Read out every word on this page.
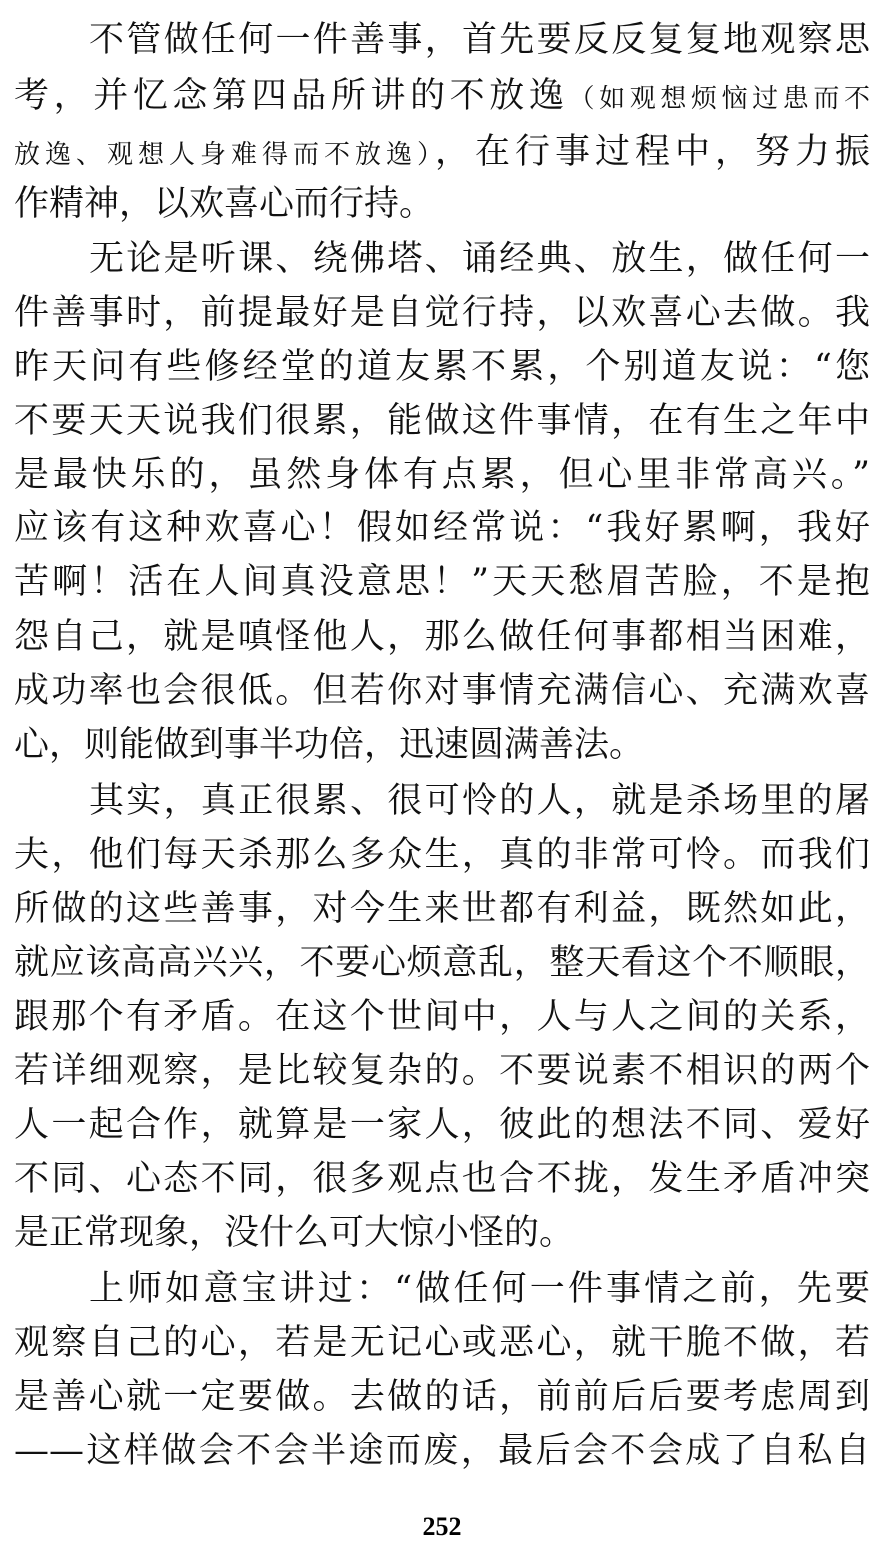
不管做任何一件善事，首先要反反复复地观察思
考，并忆念第四品所讲的不放逸（如观想烦恼过患而不
放逸、观想人身难得而不放逸），在行事过程中，努力振
作精神，以欢喜心而行持。
无论是听课、绕佛塔、诵经典、放生，做任何一
件善事时，前提最好是自觉行持，以欢喜心去做。我
昨天问有些修经堂的道友累不累，个别道友说：“您
不要天天说我们很累，能做这件事情，在有生之年中
是最快乐的，虽然身体有点累，但心里非常高兴。”
应该有这种欢喜心！假如经常说：“我好累啊，我好
苦啊！活在人间真没意思！”天天愁眉苦脸，不是抱
怨自己，就是嗔怪他人，那么做任何事都相当困难，
成功率也会很低。但若你对事情充满信心、充满欢喜
心，则能做到事半功倍，迅速圆满善法。
其实，真正很累、很可怜的人，就是杀场里的屠
夫，他们每天杀那么多众生，真的非常可怜。而我们
所做的这些善事，对今生来世都有利益，既然如此，
就应该高高兴兴，不要心烦意乱，整天看这个不顺眼，
跟那个有矛盾。在这个世间中，人与人之间的关系，
若详细观察，是比较复杂的。不要说素不相识的两个
人一起合作，就算是一家人，彼此的想法不同、爱好
不同、心态不同，很多观点也合不拢，发生矛盾冲突
是正常现象，没什么可大惊小怪的。
上师如意宝讲过：“做任何一件事情之前，先要
观察自己的心，若是无记心或恶心，就干脆不做，若
是善心就一定要做。去做的话，前前后后要考虑周到
——这样做会不会半途而废，最后会不会成了自私自
252
